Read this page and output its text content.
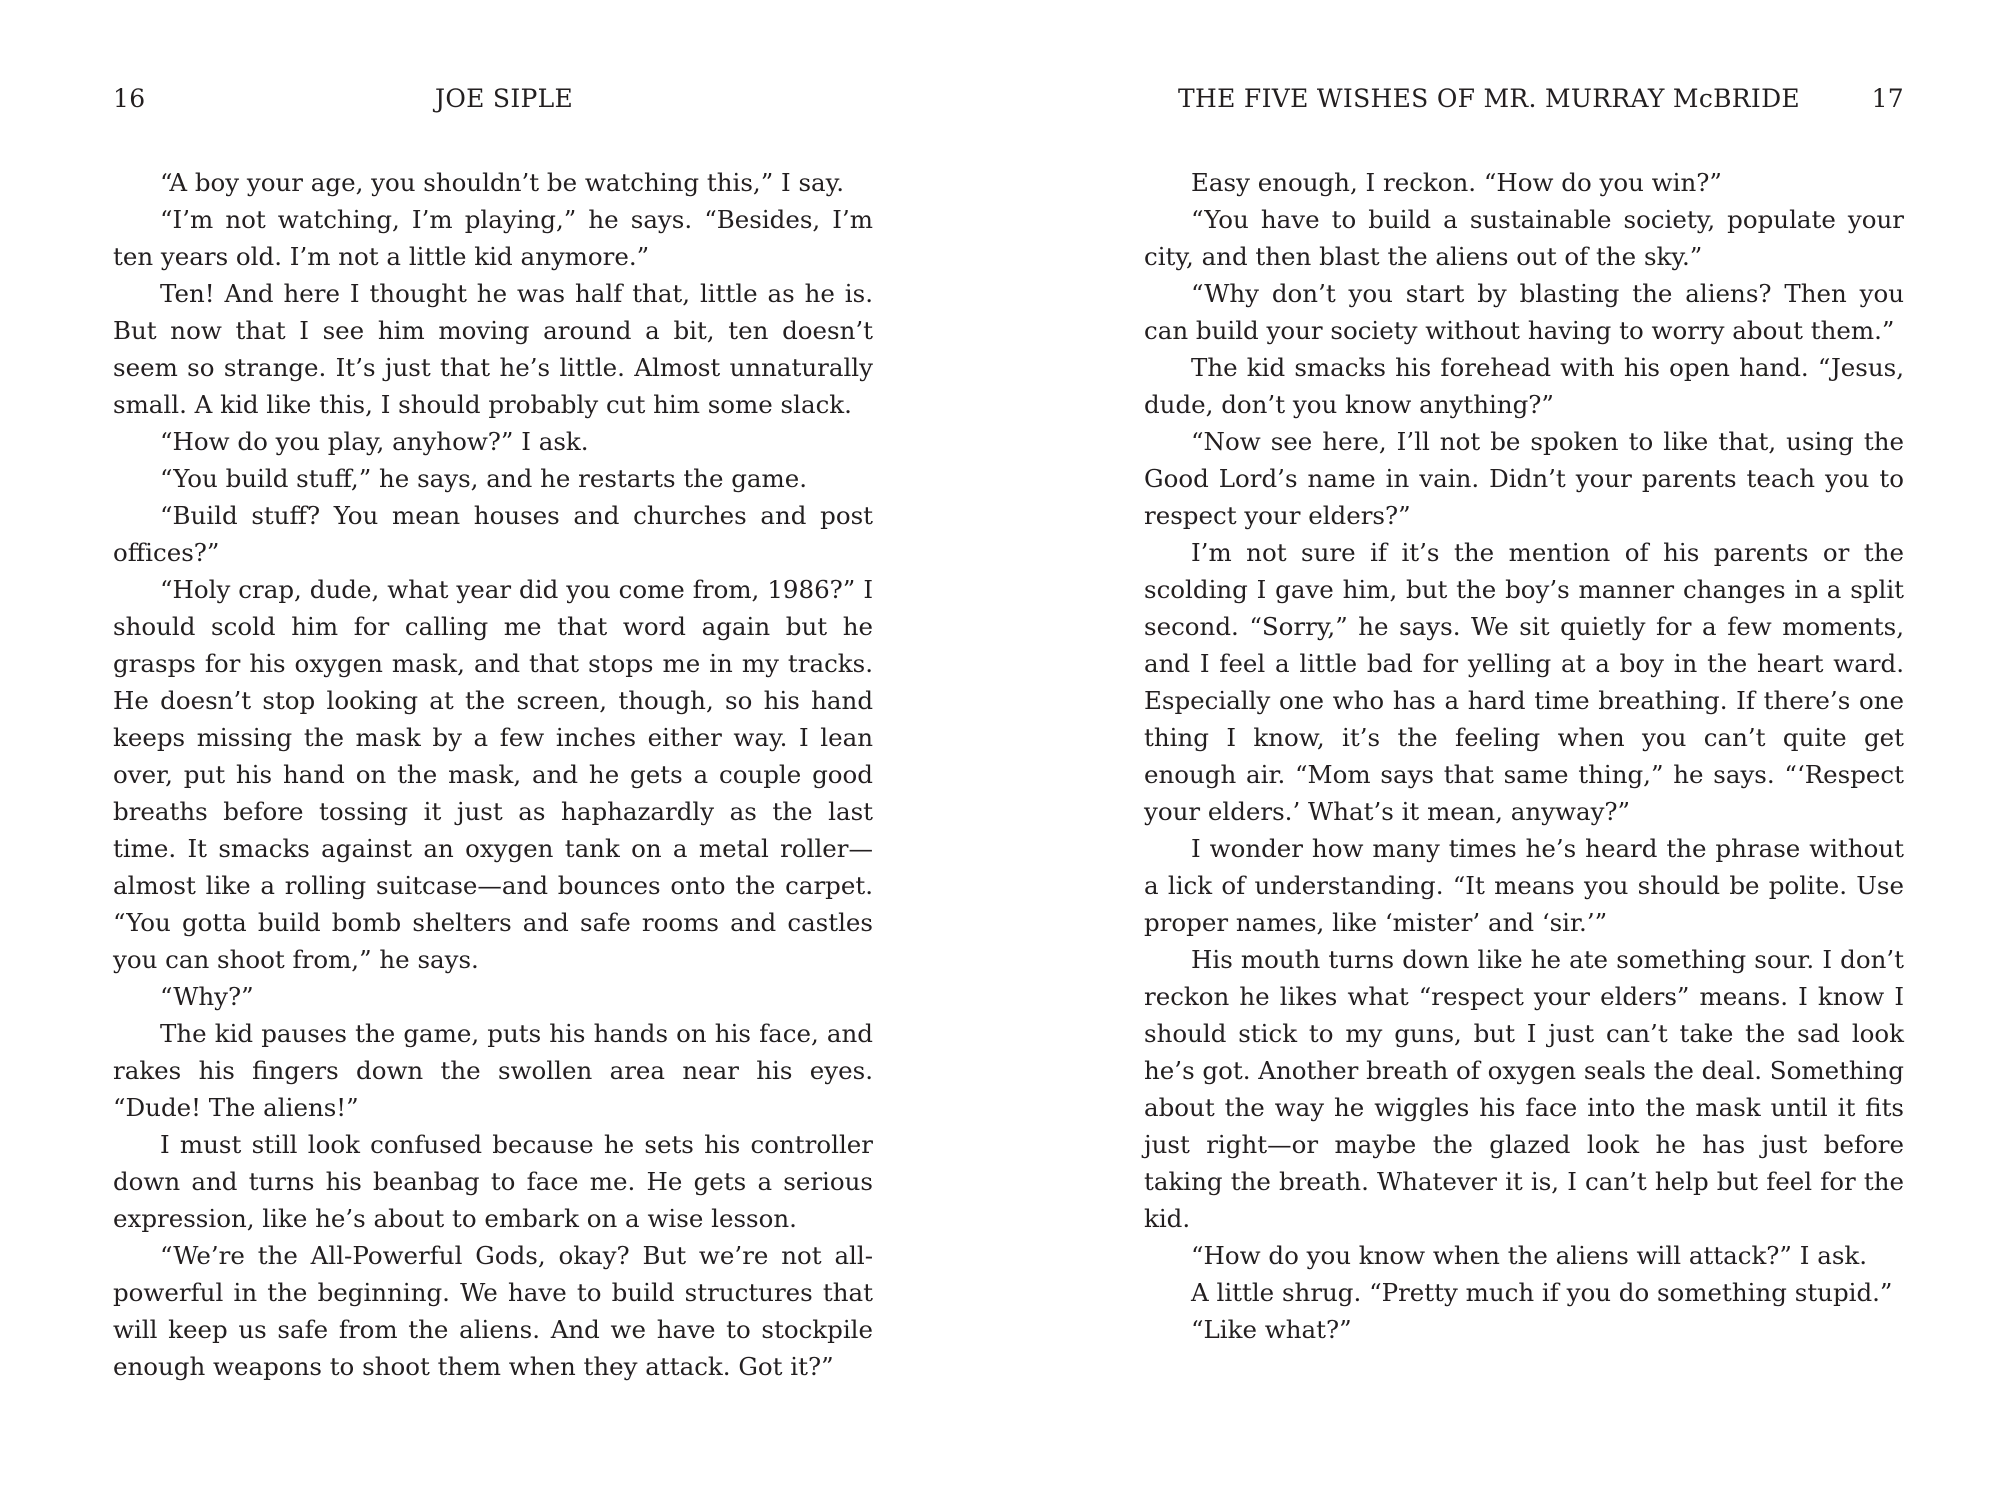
16	JOE SIPLE

“A boy your age, you shouldn’t be watching this,” I say.

“I’m not watching, I’m playing,” he says. “Besides, I’m ten years old. I’m not a little kid anymore.”

Ten! And here I thought he was half that, little as he is. But now that I see him moving around a bit, ten doesn’t seem so strange. It’s just that he’s little. Almost unnaturally small. A kid like this, I should probably cut him some slack.

“How do you play, anyhow?” I ask.

“You build stuff,” he says, and he restarts the game.

“Build stuff? You mean houses and churches and post offices?”

“Holy crap, dude, what year did you come from, 1986?” I should scold him for calling me that word again but he grasps for his oxygen mask, and that stops me in my tracks. He doesn’t stop looking at the screen, though, so his hand keeps missing the mask by a few inches either way. I lean over, put his hand on the mask, and he gets a couple good breaths before tossing it just as haphazardly as the last time. It smacks against an oxygen tank on a metal roller—almost like a rolling suitcase—and bounces onto the carpet. “You gotta build bomb shelters and safe rooms and castles you can shoot from,” he says.

“Why?”

The kid pauses the game, puts his hands on his face, and rakes his fingers down the swollen area near his eyes. “Dude! The aliens!”

I must still look confused because he sets his controller down and turns his beanbag to face me. He gets a serious expression, like he’s about to embark on a wise lesson.

“We’re the All-Powerful Gods, okay? But we’re not all-powerful in the beginning. We have to build structures that will keep us safe from the aliens. And we have to stockpile enough weapons to shoot them when they attack. Got it?”

THE FIVE WISHES OF MR. MURRAY McBRIDE	17

Easy enough, I reckon. “How do you win?”

“You have to build a sustainable society, populate your city, and then blast the aliens out of the sky.”

“Why don’t you start by blasting the aliens? Then you can build your society without having to worry about them.”

The kid smacks his forehead with his open hand. “Jesus, dude, don’t you know anything?”

“Now see here, I’ll not be spoken to like that, using the Good Lord’s name in vain. Didn’t your parents teach you to respect your elders?”

I’m not sure if it’s the mention of his parents or the scolding I gave him, but the boy’s manner changes in a split second. “Sorry,” he says. We sit quietly for a few moments, and I feel a little bad for yelling at a boy in the heart ward. Especially one who has a hard time breathing. If there’s one thing I know, it’s the feeling when you can’t quite get enough air. “Mom says that same thing,” he says. “‘Respect your elders.’ What’s it mean, anyway?”

I wonder how many times he’s heard the phrase without a lick of understanding. “It means you should be polite. Use proper names, like ‘mister’ and ‘sir.’”

His mouth turns down like he ate something sour. I don’t reckon he likes what “respect your elders” means. I know I should stick to my guns, but I just can’t take the sad look he’s got. Another breath of oxygen seals the deal. Something about the way he wiggles his face into the mask until it fits just right—or maybe the glazed look he has just before taking the breath. Whatever it is, I can’t help but feel for the kid.

“How do you know when the aliens will attack?” I ask.

A little shrug. “Pretty much if you do something stupid.”

“Like what?”
